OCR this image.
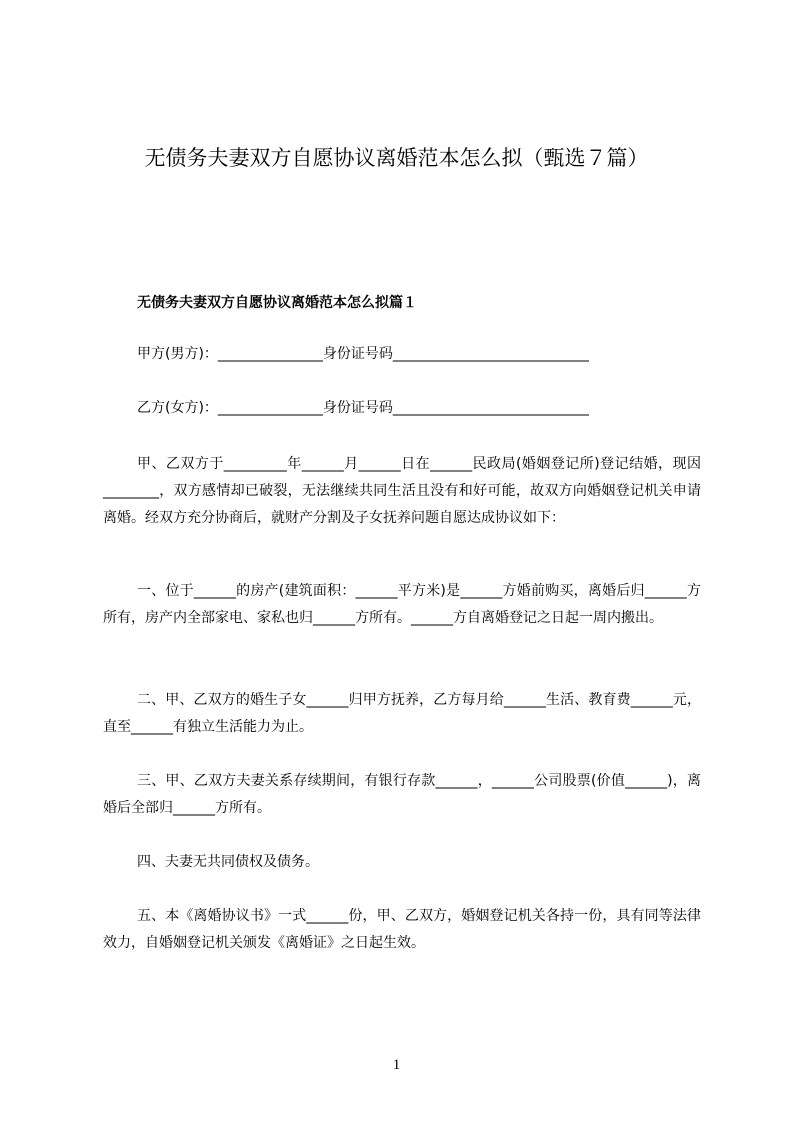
无债务夫妻双方自愿协议离婚范本怎么拟（甄选７篇）
无债务夫妻双方自愿协议离婚范本怎么拟篇１
甲方(男方)：_______________身份证号码____________________________
乙方(女方)：_______________身份证号码____________________________

甲、乙双方于_________年______月______日在______民政局(婚姻登记所)登记结婚，现因________，双方感情却已破裂，无法继续共同生活且没有和好可能，故双方向婚姻登记机关申请离婚。经双方充分协商后，就财产分割及子女抚养问题自愿达成协议如下：

一、位于______的房产(建筑面积：______平方米)是______方婚前购买，离婚后归______方所有，房产内全部家电、家私也归______方所有。______方自离婚登记之日起一周内搬出。

二、甲、乙双方的婚生子女______归甲方抚养，乙方每月给______生活、教育费______元，直至______有独立生活能力为止。

三、甲、乙双方夫妻关系存续期间，有银行存款______，______公司股票(价值______)，离婚后全部归______方所有。

四、夫妻无共同债权及债务。

五、本《离婚协议书》一式______份，甲、乙双方，婚姻登记机关各持一份，具有同等法律效力，自婚姻登记机关颁发《离婚证》之日起生效。

1
